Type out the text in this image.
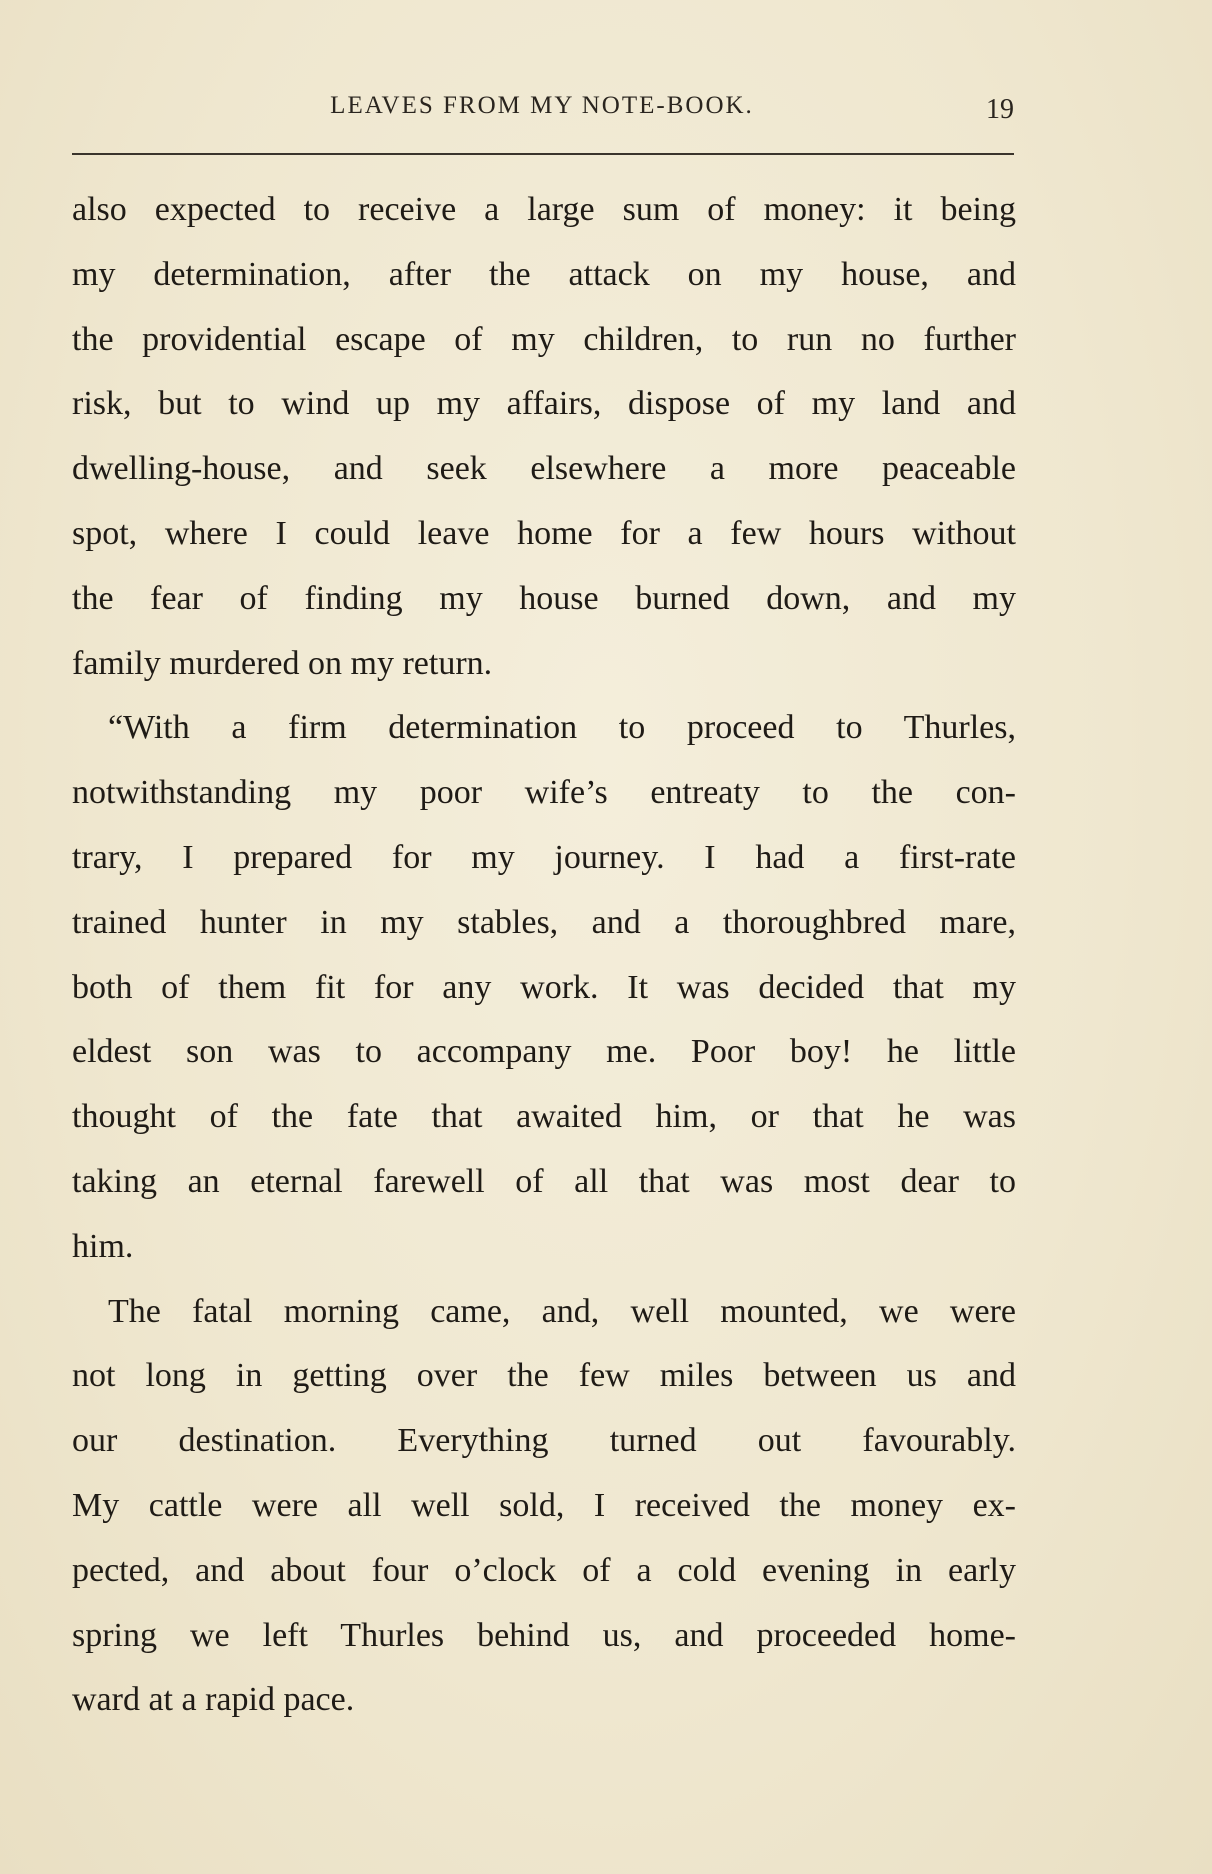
LEAVES FROM MY NOTE-BOOK.	19
also expected to receive a large sum of money: it being
my determination, after the attack on my house, and
the providential escape of my children, to run no further
risk, but to wind up my affairs, dispose of my land and
dwelling-house, and seek elsewhere a more peaceable
spot, where I could leave home for a few hours without
the fear of finding my house burned down, and my
family murdered on my return.
“With a firm determination to proceed to Thurles,
notwithstanding my poor wife’s entreaty to the con-
trary, I prepared for my journey. I had a first-rate
trained hunter in my stables, and a thoroughbred mare,
both of them fit for any work. It was decided that my
eldest son was to accompany me. Poor boy! he little
thought of the fate that awaited him, or that he was
taking an eternal farewell of all that was most dear to
him.
The fatal morning came, and, well mounted, we were
not long in getting over the few miles between us and
our destination. Everything turned out favourably.
My cattle were all well sold, I received the money ex-
pected, and about four o’clock of a cold evening in early
spring we left Thurles behind us, and proceeded home-
ward at a rapid pace.
